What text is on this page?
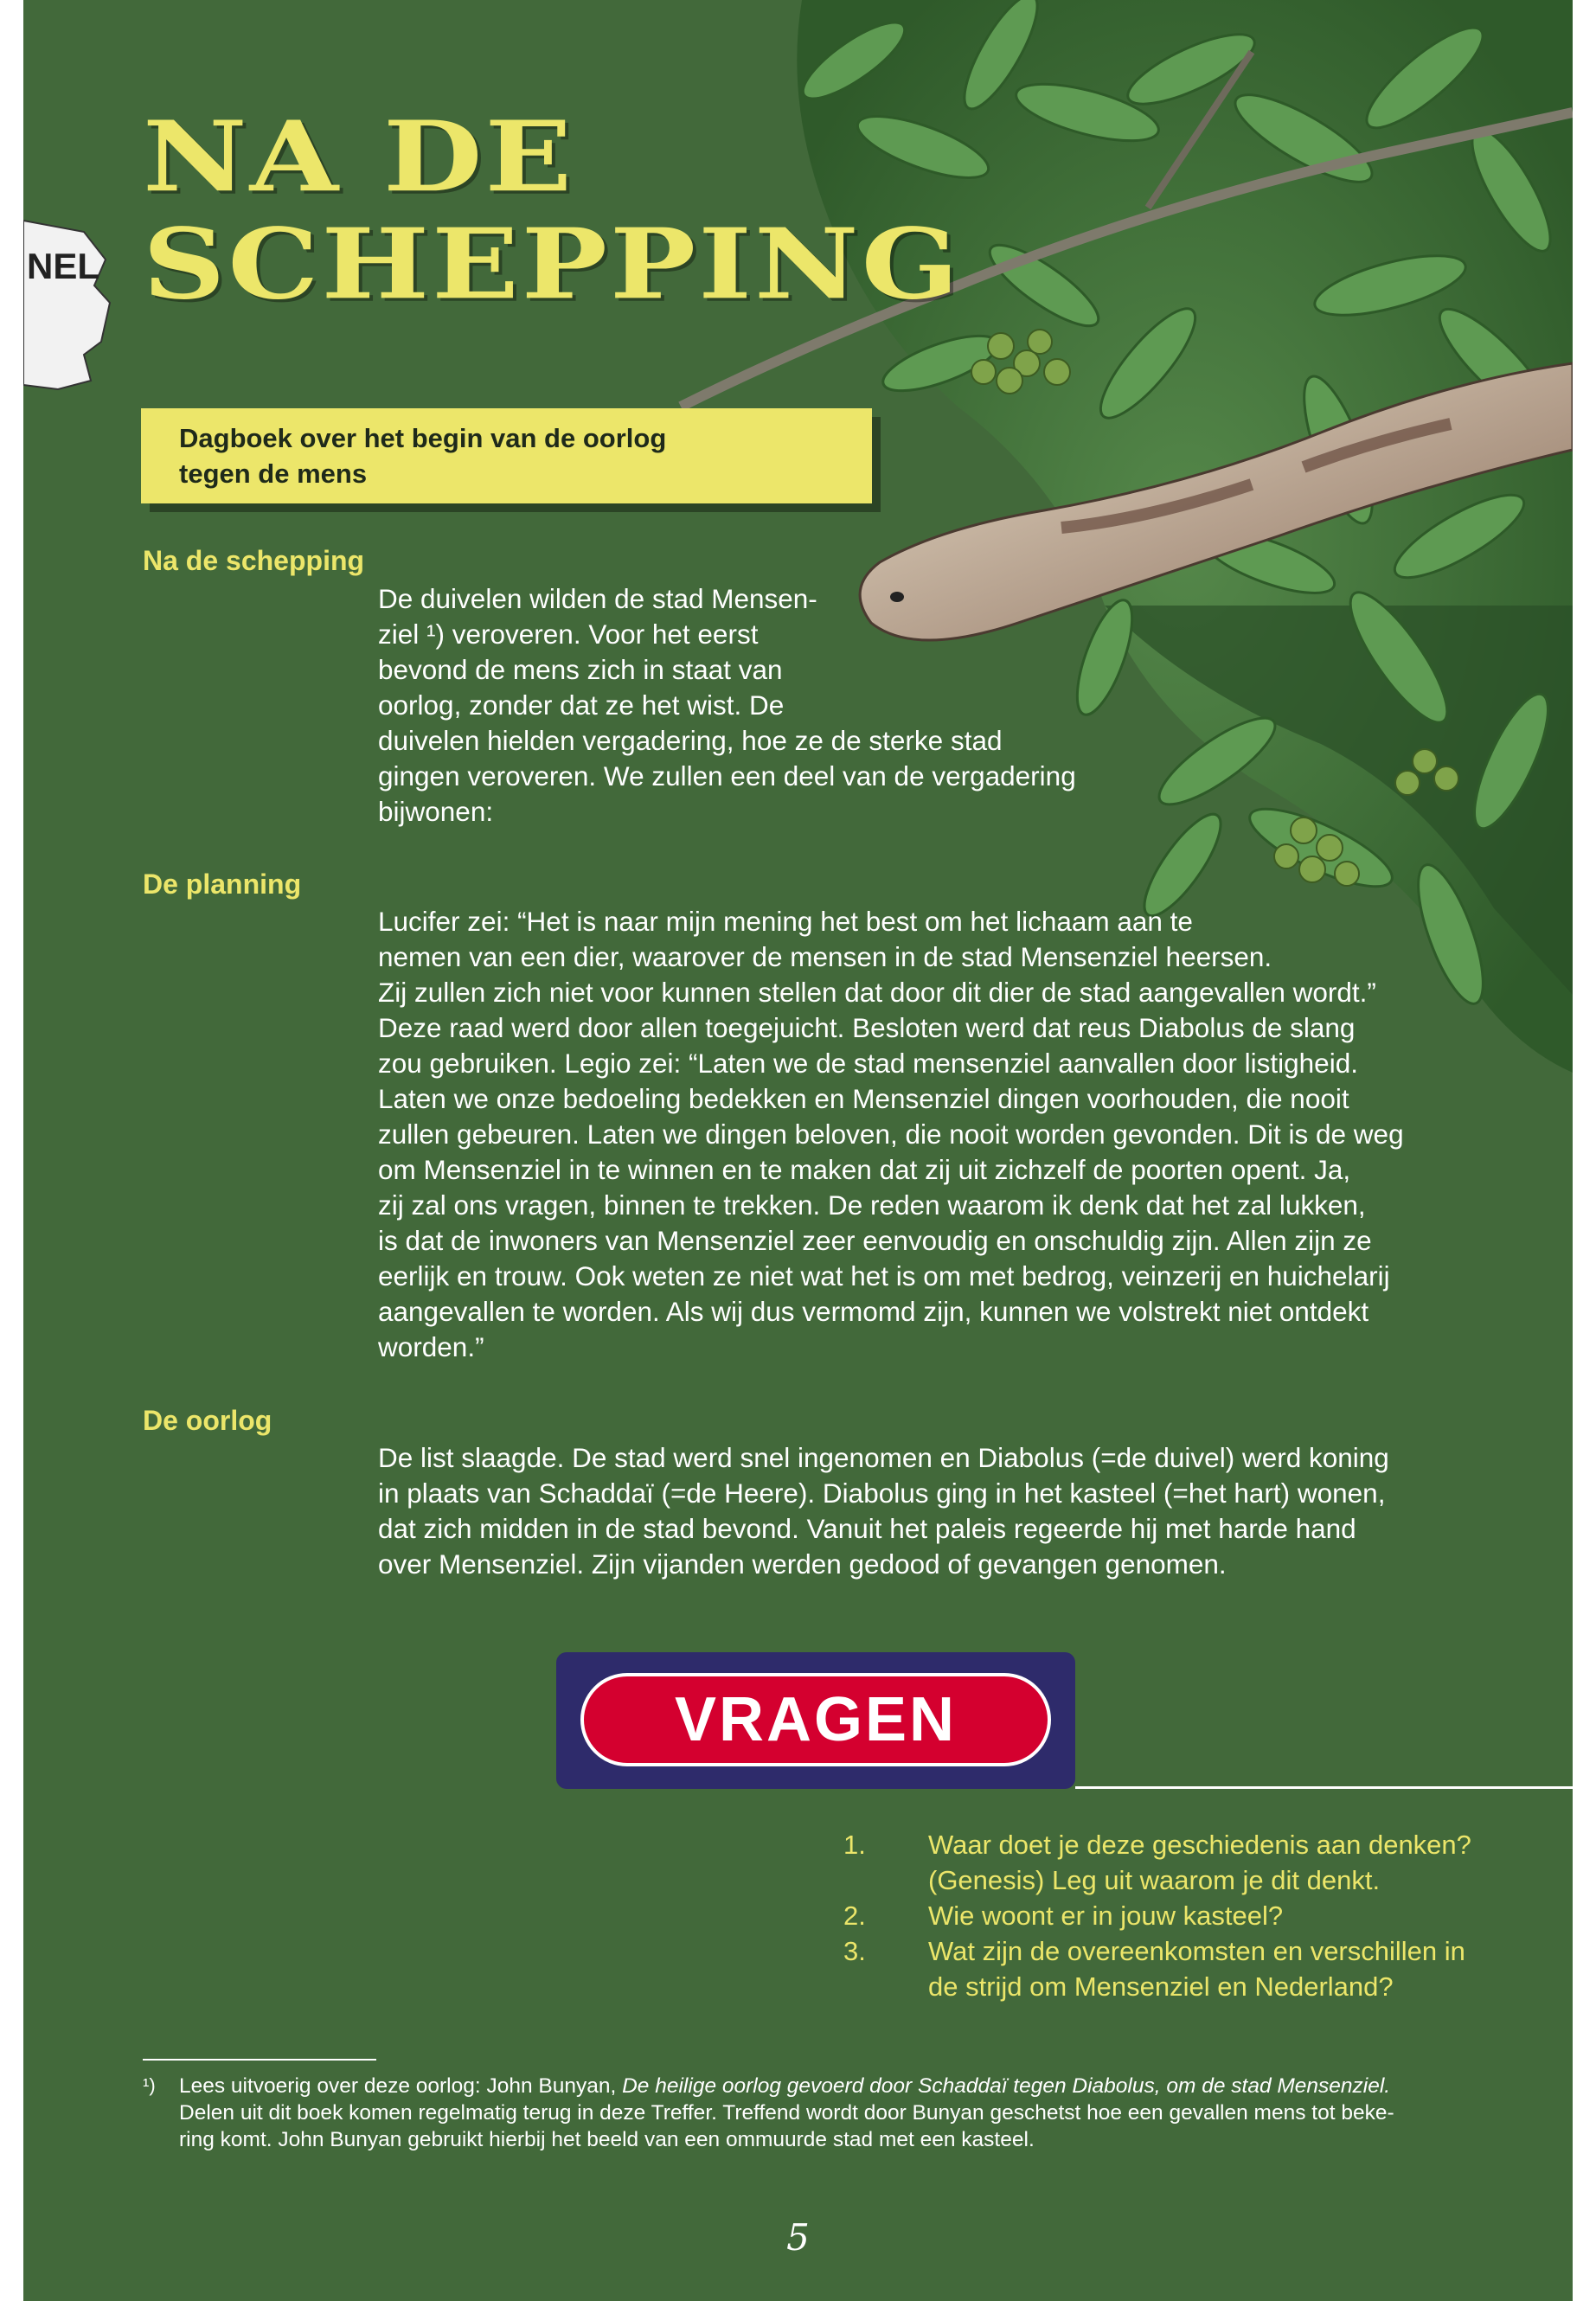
NEL
NA DE
SCHEPPING
Dagboek over het begin van de oorlog
tegen de mens
Na de schepping
De duivelen wilden de stad Mensen-
ziel ¹) veroveren. Voor het eerst
bevond de mens zich in staat van
oorlog, zonder dat ze het wist. De
duivelen hielden vergadering, hoe ze de sterke stad
gingen veroveren. We zullen een deel van de vergadering
bijwonen:
De planning
Lucifer zei: “Het is naar mijn mening het best om het lichaam aan te
nemen van een dier, waarover de mensen in de stad Mensenziel heersen.
Zij zullen zich niet voor kunnen stellen dat door dit dier de stad aangevallen wordt.”
Deze raad werd door allen toegejuicht. Besloten werd dat reus Diabolus de slang
zou gebruiken. Legio zei: “Laten we de stad mensenziel aanvallen door listigheid.
Laten we onze bedoeling bedekken en Mensenziel dingen voorhouden, die nooit
zullen gebeuren. Laten we dingen beloven, die nooit worden gevonden. Dit is de weg
om Mensenziel in te winnen en te maken dat zij uit zichzelf de poorten opent. Ja,
zij zal ons vragen, binnen te trekken. De reden waarom ik denk dat het zal lukken,
is dat de inwoners van Mensenziel zeer eenvoudig en onschuldig zijn. Allen zijn ze
eerlijk en trouw. Ook weten ze niet wat het is om met bedrog, veinzerij en huichelarij
aangevallen te worden. Als wij dus vermomd zijn, kunnen we volstrekt niet ontdekt
worden.”
De oorlog
De list slaagde. De stad werd snel ingenomen en Diabolus (=de duivel) werd koning
in plaats van Schaddaï (=de Heere). Diabolus ging in het kasteel (=het hart) wonen,
dat zich midden in de stad bevond. Vanuit het paleis regeerde hij met harde hand
over Mensenziel. Zijn vijanden werden gedood of gevangen genomen.
VRAGEN
1.	Waar doet je deze geschiedenis aan denken?
(Genesis) Leg uit waarom je dit denkt.
2.	Wie woont er in jouw kasteel?
3.	Wat zijn de overeenkomsten en verschillen in
de strijd om Mensenziel en Nederland?
¹) Lees uitvoerig over deze oorlog: John Bunyan, De heilige oorlog gevoerd door Schaddaï tegen Diabolus, om de stad Mensenziel.
Delen uit dit boek komen regelmatig terug in deze Treffer. Treffend wordt door Bunyan geschetst hoe een gevallen mens tot beke-
ring komt. John Bunyan gebruikt hierbij het beeld van een ommuurde stad met een kasteel.
5
